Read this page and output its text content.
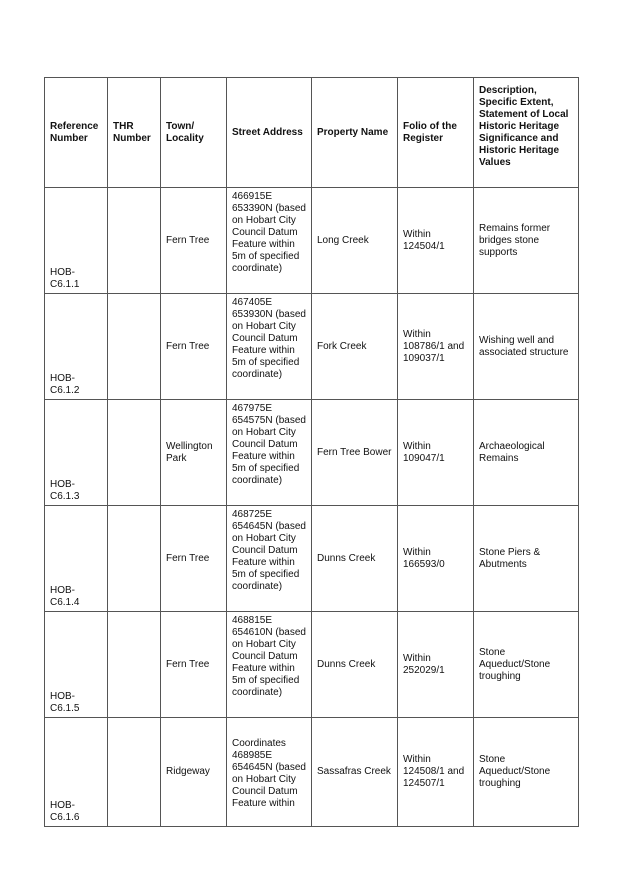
Reference Number	THR Number	Town/ Locality	Street Address	Property Name	Folio of the Register	Description, Specific Extent, Statement of Local Historic Heritage Significance and Historic Heritage Values
HOB-C6.1.1		Fern Tree	466915E 653390N (based on Hobart City Council Datum Feature within 5m of specified coordinate)	Long Creek	Within 124504/1	Remains former bridges stone supports
HOB-C6.1.2		Fern Tree	467405E 653930N (based on Hobart City Council Datum Feature within 5m of specified coordinate)	Fork Creek	Within 108786/1 and 109037/1	Wishing well and associated structure
HOB-C6.1.3		Wellington Park	467975E 654575N (based on Hobart City Council Datum Feature within 5m of specified coordinate)	Fern Tree Bower	Within 109047/1	Archaeological Remains
HOB-C6.1.4		Fern Tree	468725E 654645N (based on Hobart City Council Datum Feature within 5m of specified coordinate)	Dunns Creek	Within 166593/0	Stone Piers & Abutments
HOB-C6.1.5		Fern Tree	468815E 654610N (based on Hobart City Council Datum Feature within 5m of specified coordinate)	Dunns Creek	Within 252029/1	Stone Aqueduct/Stone troughing
HOB-C6.1.6		Ridgeway	Coordinates 468985E 654645N (based on Hobart City Council Datum Feature within	Sassafras Creek	Within 124508/1 and 124507/1	Stone Aqueduct/Stone troughing
